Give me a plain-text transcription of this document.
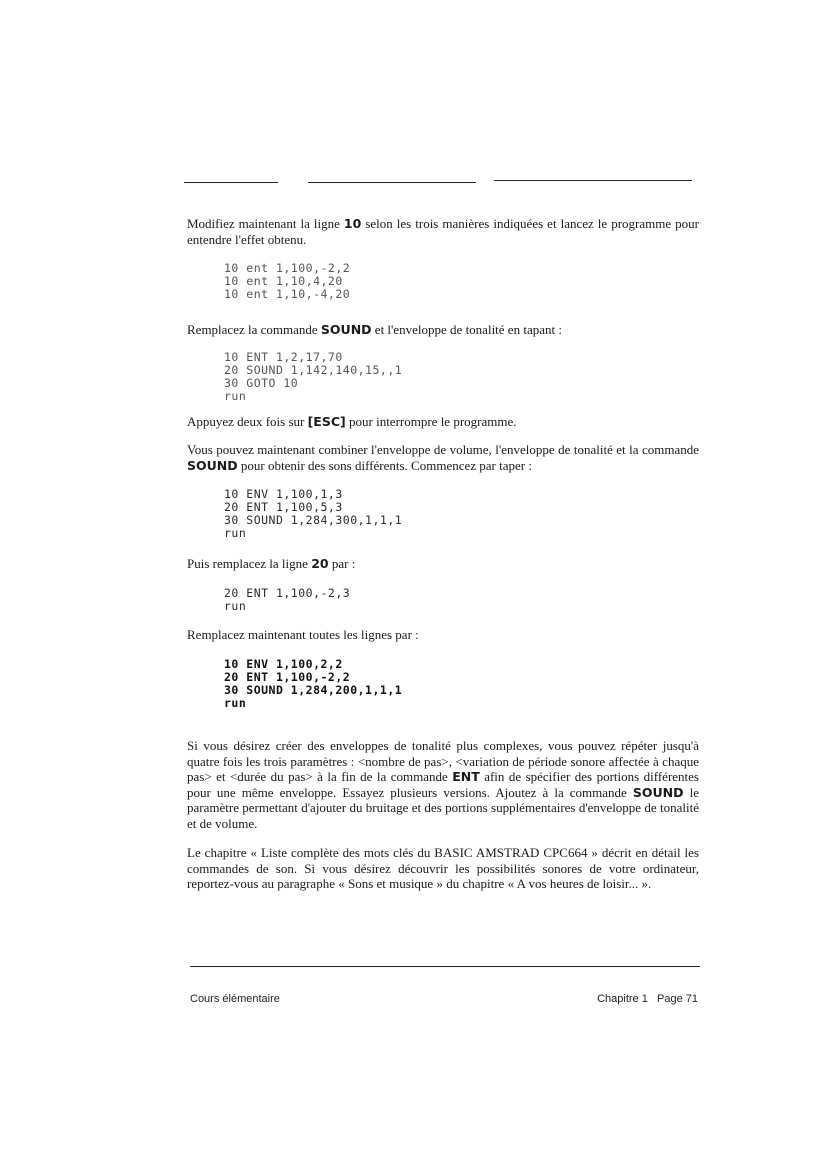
Modifiez maintenant la ligne 10 selon les trois manières indiquées et lancez le programme pour entendre l'effet obtenu.

10 ent 1,100,-2,2
10 ent 1,10,4,20
10 ent 1,10,-4,20

Remplacez la commande SOUND et l'enveloppe de tonalité en tapant :

10 ENT 1,2,17,70
20 SOUND 1,142,140,15,,1
30 GOTO 10
run

Appuyez deux fois sur [ESC] pour interrompre le programme.

Vous pouvez maintenant combiner l'enveloppe de volume, l'enveloppe de tonalité et la commande SOUND pour obtenir des sons différents. Commencez par taper :

10 ENV 1,100,1,3
20 ENT 1,100,5,3
30 SOUND 1,284,300,1,1,1
run

Puis remplacez la ligne 20 par :

20 ENT 1,100,-2,3
run

Remplacez maintenant toutes les lignes par :

10 ENV 1,100,2,2
20 ENT 1,100,-2,2
30 SOUND 1,284,200,1,1,1
run

Si vous désirez créer des enveloppes de tonalité plus complexes, vous pouvez répéter jusqu'à quatre fois les trois paramètres : <nombre de pas>, <variation de période sonore affectée à chaque pas> et <durée du pas> à la fin de la commande ENT afin de spécifier des portions différentes pour une même enveloppe. Essayez plusieurs versions. Ajoutez à la commande SOUND le paramètre permettant d'ajouter du bruitage et des portions supplémentaires d'enveloppe de tonalité et de volume.

Le chapitre « Liste complète des mots clés du BASIC AMSTRAD CPC664 » décrit en détail les commandes de son. Si vous désirez découvrir les possibilités sonores de votre ordinateur, reportez-vous au paragraphe « Sons et musique » du chapitre « A vos heures de loisir... ».

Cours élémentaire	Chapitre 1   Page 71
